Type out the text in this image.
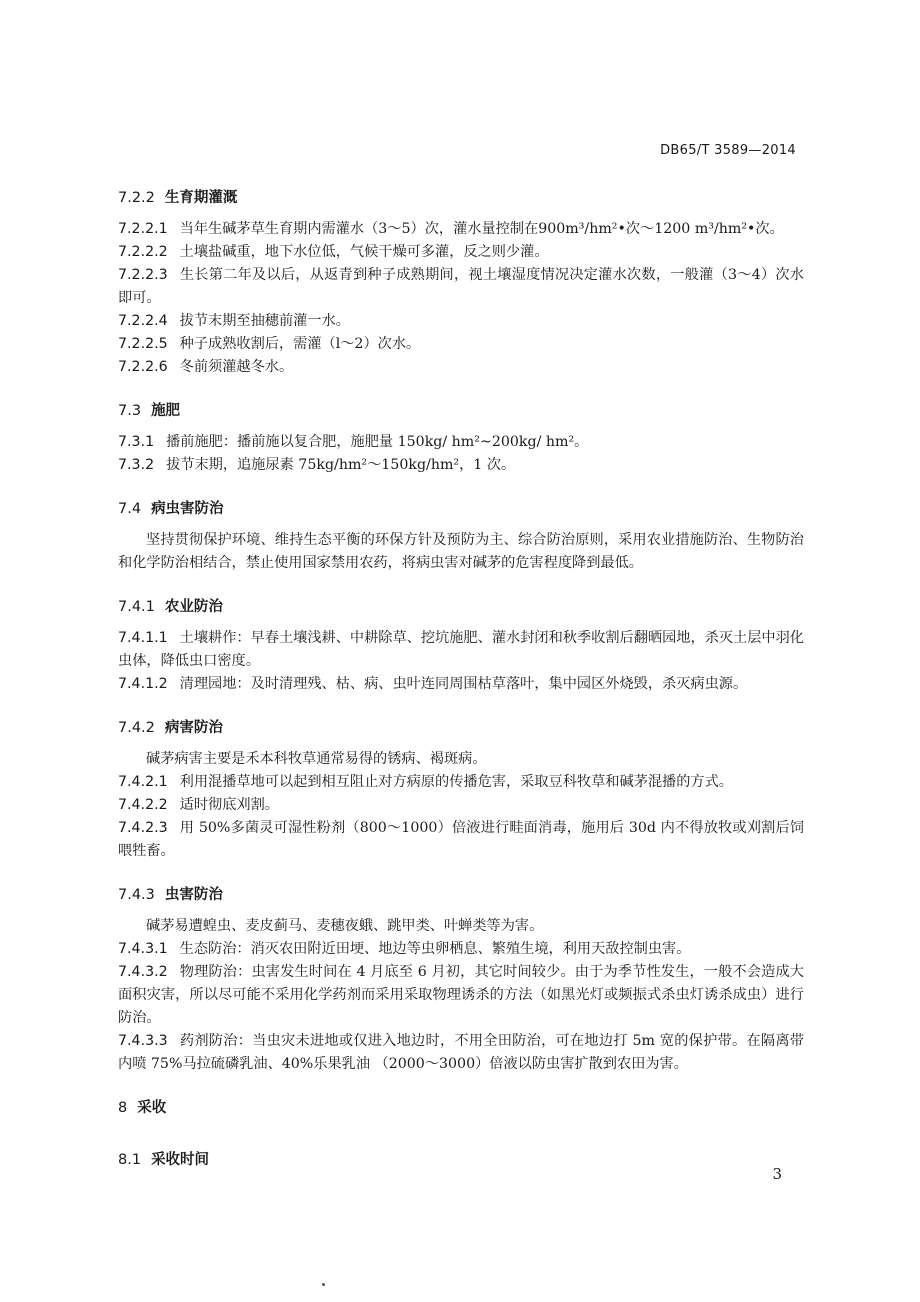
DB65/T 3589—2014

7.2.2 生育期灌溉

7.2.2.1 当年生碱茅草生育期内需灌水（3～5）次，灌水量控制在900m³/hm²•次～1200 m³/hm²•次。

7.2.2.2 土壤盐碱重，地下水位低，气候干燥可多灌，反之则少灌。

7.2.2.3 生长第二年及以后，从返青到种子成熟期间，视土壤湿度情况决定灌水次数，一般灌（3～4）次水即可。

7.2.2.4 拔节末期至抽穗前灌一水。

7.2.2.5 种子成熟收割后，需灌（l～2）次水。

7.2.2.6 冬前须灌越冬水。

7.3 施肥

7.3.1 播前施肥：播前施以复合肥，施肥量 150kg/ hm²~200kg/ hm²。

7.3.2 拔节末期，追施尿素 75kg/hm²～150kg/hm²，1 次。

7.4 病虫害防治

坚持贯彻保护环境、维持生态平衡的环保方针及预防为主、综合防治原则，采用农业措施防治、生物防治和化学防治相结合，禁止使用国家禁用农药，将病虫害对碱茅的危害程度降到最低。

7.4.1 农业防治

7.4.1.1 土壤耕作：早春土壤浅耕、中耕除草、挖坑施肥、灌水封闭和秋季收割后翻晒园地，杀灭土层中羽化虫体，降低虫口密度。

7.4.1.2 清理园地：及时清理残、枯、病、虫叶连同周围枯草落叶，集中园区外烧毁，杀灭病虫源。

7.4.2 病害防治

碱茅病害主要是禾本科牧草通常易得的锈病、褐斑病。

7.4.2.1 利用混播草地可以起到相互阻止对方病原的传播危害，采取豆科牧草和碱茅混播的方式。

7.4.2.2 适时彻底刈割。

7.4.2.3 用 50%多菌灵可湿性粉剂（800～1000）倍液进行畦面消毒，施用后 30d 内不得放牧或刈割后饲喂牲畜。

7.4.3 虫害防治

碱茅易遭蝗虫、麦皮蓟马、麦穗夜蛾、跳甲类、叶蝉类等为害。

7.4.3.1 生态防治：消灭农田附近田埂、地边等虫卵栖息、繁殖生境，利用天敌控制虫害。

7.4.3.2 物理防治：虫害发生时间在 4 月底至 6 月初，其它时间较少。由于为季节性发生，一般不会造成大面积灾害，所以尽可能不采用化学药剂而采用采取物理诱杀的方法（如黑光灯或频振式杀虫灯诱杀成虫）进行防治。

7.4.3.3 药剂防治：当虫灾未进地或仅进入地边时，不用全田防治，可在地边打 5m 宽的保护带。在隔离带内喷 75%马拉硫磷乳油、40%乐果乳油 （2000～3000）倍液以防虫害扩散到农田为害。

8 采收

8.1 采收时间

3
